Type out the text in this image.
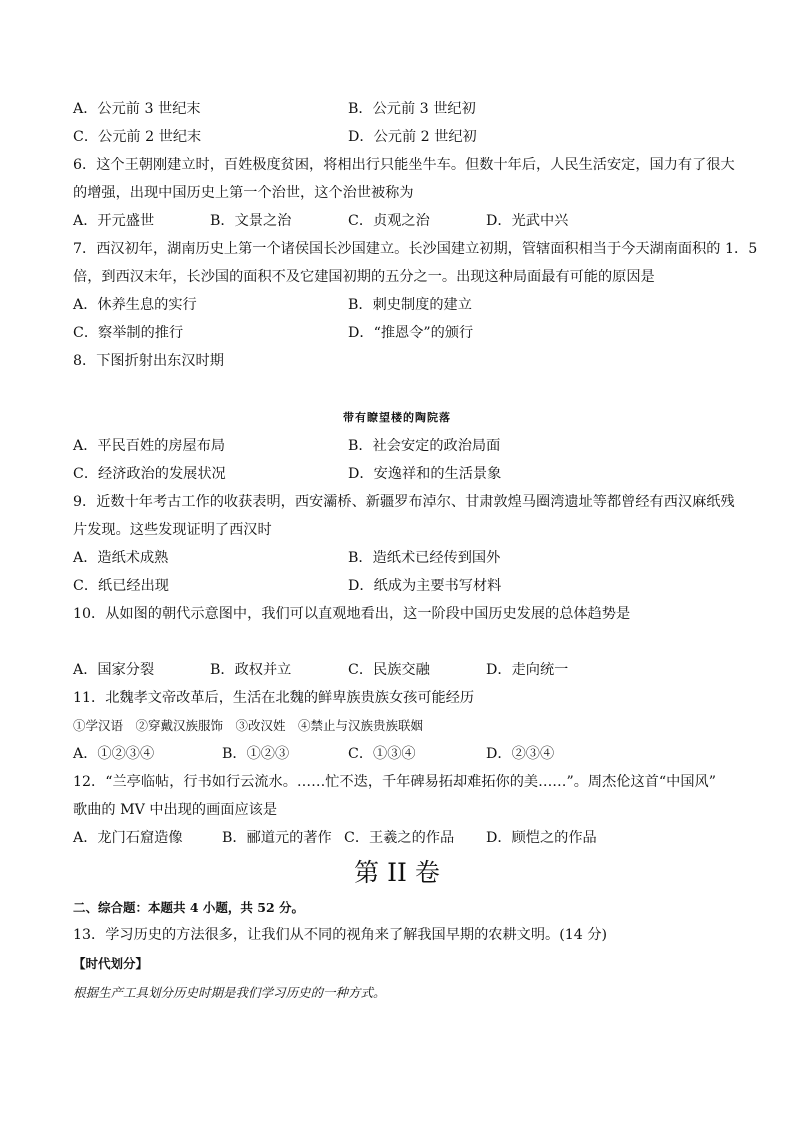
A．公元前 3 世纪末	B．公元前 3 世纪初
C．公元前 2 世纪末	D．公元前 2 世纪初
6．这个王朝刚建立时，百姓极度贫困，将相出行只能坐牛车。但数十年后，人民生活安定，国力有了很大
的增强，出现中国历史上第一个治世，这个治世被称为
A．开元盛世	B．文景之治	C．贞观之治	D．光武中兴
7．西汉初年，湖南历史上第一个诸侯国长沙国建立。长沙国建立初期，管辖面积相当于今天湖南面积的 1．5
倍，到西汉末年，长沙国的面积不及它建国初期的五分之一。出现这种局面最有可能的原因是
A．休养生息的实行	B．刺史制度的建立
C．察举制的推行	D．“推恩令”的颁行
8．下图折射出东汉时期
带有瞭望楼的陶院落
A．平民百姓的房屋布局	B．社会安定的政治局面
C．经济政治的发展状况	D．安逸祥和的生活景象
9．近数十年考古工作的收获表明，西安灞桥、新疆罗布淖尔、甘肃敦煌马圈湾遗址等都曾经有西汉麻纸残
片发现。这些发现证明了西汉时
A．造纸术成熟	B．造纸术已经传到国外
C．纸已经出现	D．纸成为主要书写材料
10．从如图的朝代示意图中，我们可以直观地看出，这一阶段中国历史发展的总体趋势是
A．国家分裂	B．政权并立	C．民族交融	D．走向统一
11．北魏孝文帝改革后，生活在北魏的鲜卑族贵族女孩可能经历
①学汉语　②穿戴汉族服饰　③改汉姓　④禁止与汉族贵族联姻
A．①②③④	B．①②③	C．①③④	D．②③④
12．“兰亭临帖，行书如行云流水。……忙不迭，千年碑易拓却难拓你的美……”。周杰伦这首“中国风”
歌曲的 MV 中出现的画面应该是
A．龙门石窟造像	B．郦道元的著作 C．王羲之的作品 D．顾恺之的作品
第 II 卷
二、综合题：本题共 4 小题，共 52 分。
13．学习历史的方法很多，让我们从不同的视角来了解我国早期的农耕文明。(14 分)
【时代划分】
根据生产工具划分历史时期是我们学习历史的一种方式。
